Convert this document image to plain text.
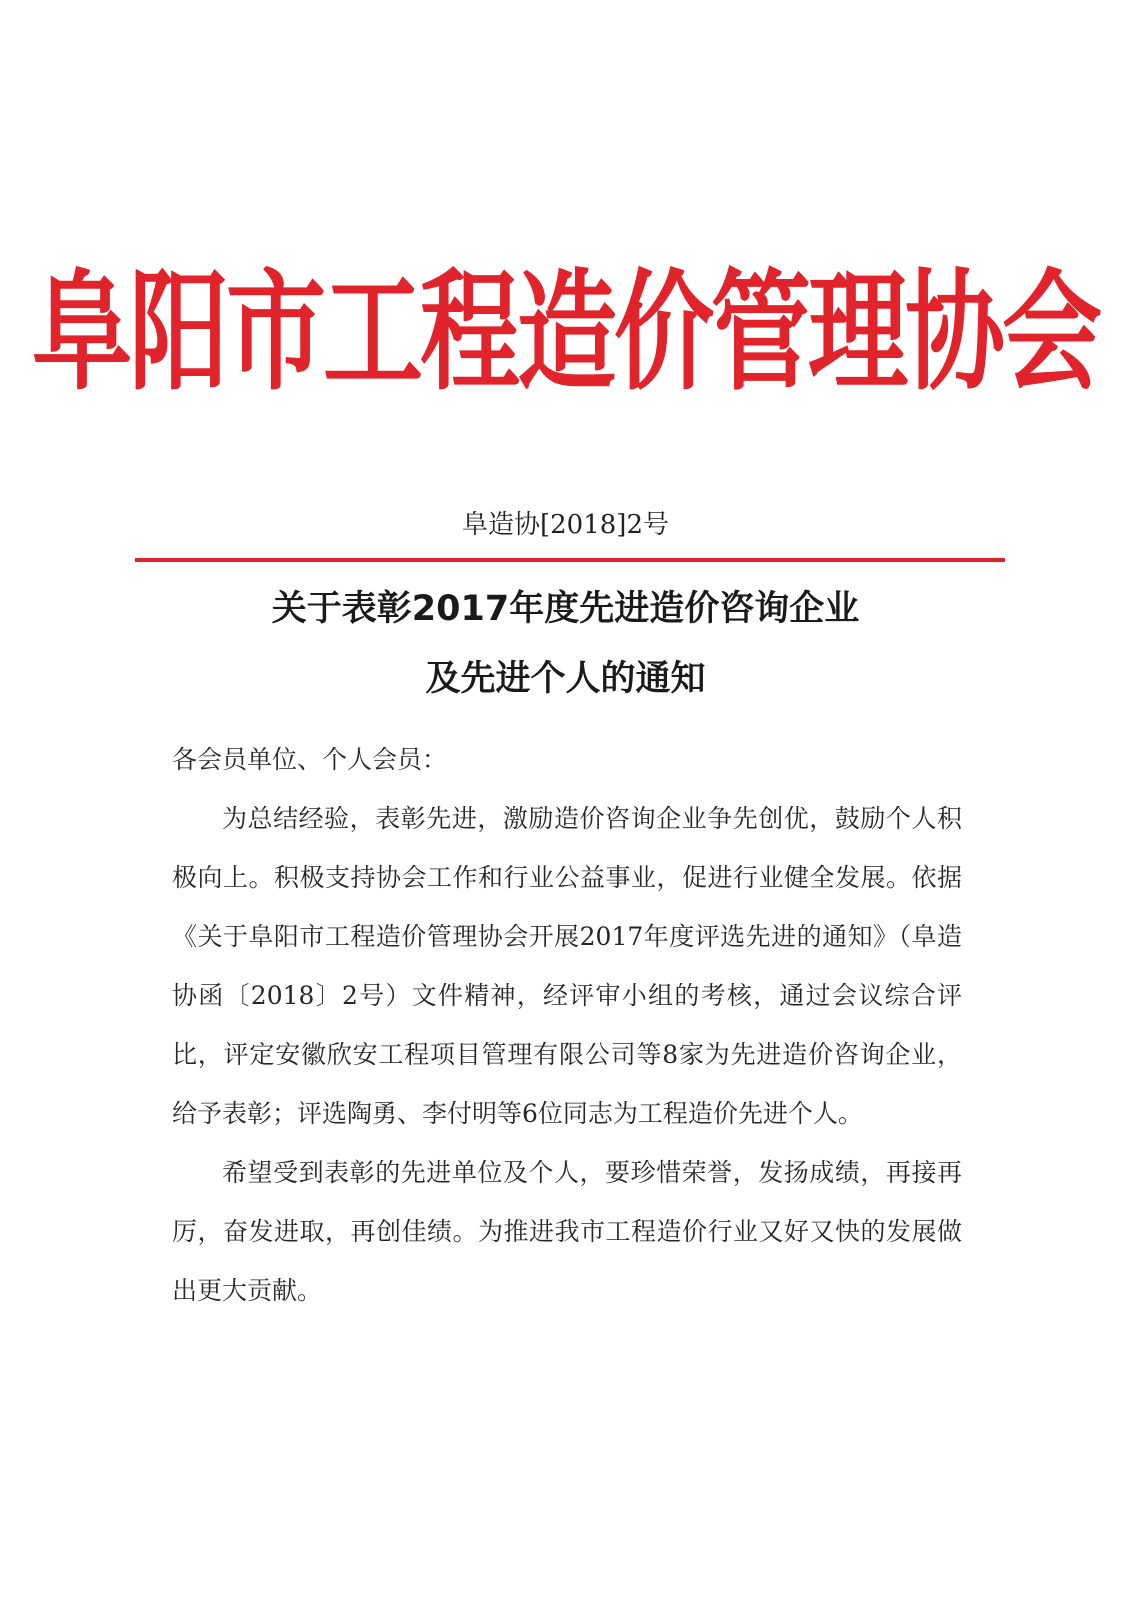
阜阳市工程造价管理协会
阜造协[2018]2号
关于表彰2017年度先进造价咨询企业
及先进个人的通知

各会员单位、个人会员：

为总结经验，表彰先进，激励造价咨询企业争先创优，鼓励个人积极向上。积极支持协会工作和行业公益事业，促进行业健全发展。依据《关于阜阳市工程造价管理协会开展2017年度评选先进的通知》（阜造协函〔2018〕2号）文件精神，经评审小组的考核，通过会议综合评比，评定安徽欣安工程项目管理有限公司等8家为先进造价咨询企业，给予表彰；评选陶勇、李付明等6位同志为工程造价先进个人。

希望受到表彰的先进单位及个人，要珍惜荣誉，发扬成绩，再接再厉，奋发进取，再创佳绩。为推进我市工程造价行业又好又快的发展做出更大贡献。
